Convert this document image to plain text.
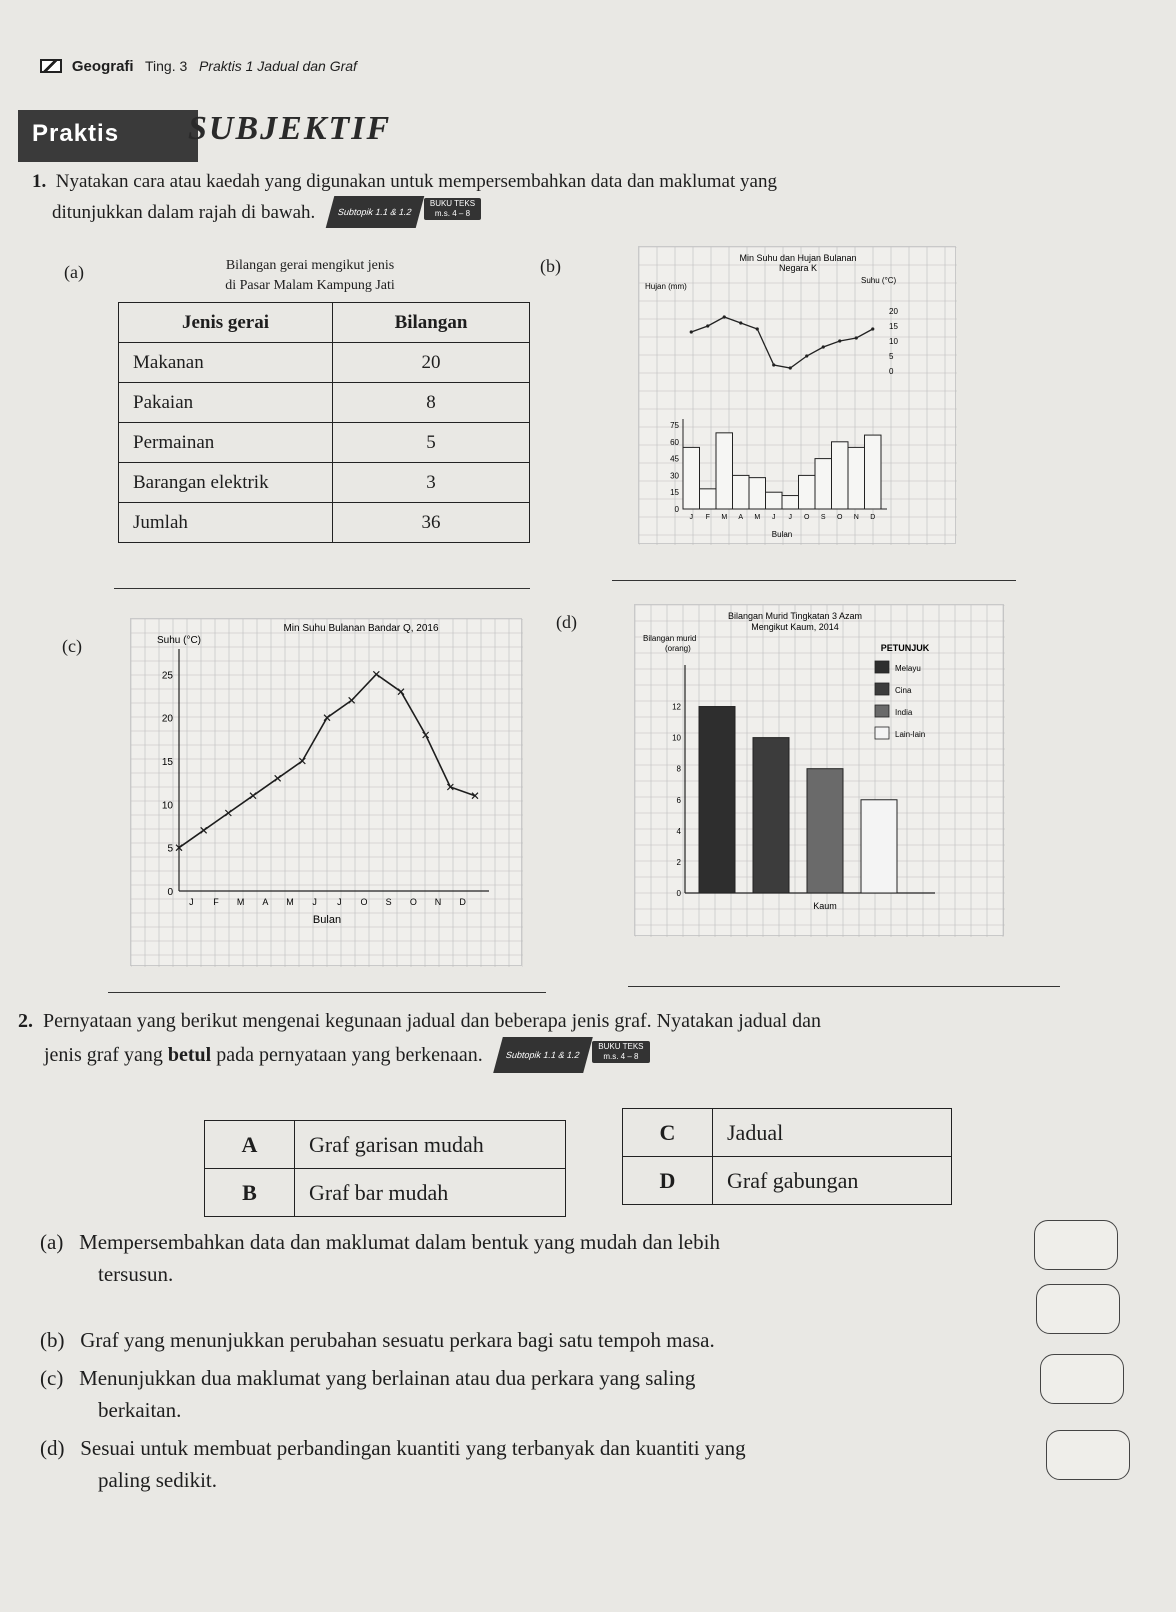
Geografi Ting. 3 Praktis 1 Jadual dan Graf
Praktis	SUBJEKTIF
1. Nyatakan cara atau kaedah yang digunakan untuk mempersembahkan data dan maklumat yang
ditunjukkan dalam rajah di bawah. Subtopik 1.1 & 1.2 BUKU TEKS
m.s. 4 – 8
(a)	Bilangan gerai mengikut jenis
di Pasar Malam Kampung Jati
Jenis gerai	Bilangan
Makanan	20
Pakaian	8
Permainan	5
Barangan elektrik	3
Jumlah	36
(b)	Min Suhu dan Hujan Bulanan
Negara K
Hujan (mm)
Suhu (°C)
0
5
10
15
20
0
15
30
45
60
75
J F M A M J J O S O N D
Bulan
(c)
Min Suhu Bulanan Bandar Q, 2016
Suhu (°C)
0
5
10
15
20
25
J F M A M J J O S O N D
Bulan
(d)	Bilangan Murid Tingkatan 3 Azam
Mengikut Kaum, 2014
Bilangan murid
(orang)
0
2
4
6
8
10
12
Kaum
PETUNJUK
Melayu
Cina
India
Lain-lain
2. Pernyataan yang berikut mengenai kegunaan jadual dan beberapa jenis graf. Nyatakan jadual dan
jenis graf yang betul pada pernyataan yang berkenaan. Subtopik 1.1 & 1.2 BUKU TEKS
m.s. 4 – 8
A	Graf garisan mudah
B	Graf bar mudah
C	Jadual
D	Graf gabungan
(a) Mempersembahkan data dan maklumat dalam bentuk yang mudah dan lebih
tersusun.
(b) Graf yang menunjukkan perubahan sesuatu perkara bagi satu tempoh masa.
(c) Menunjukkan dua maklumat yang berlainan atau dua perkara yang saling
berkaitan.
(d) Sesuai untuk membuat perbandingan kuantiti yang terbanyak dan kuantiti yang
paling sedikit.
